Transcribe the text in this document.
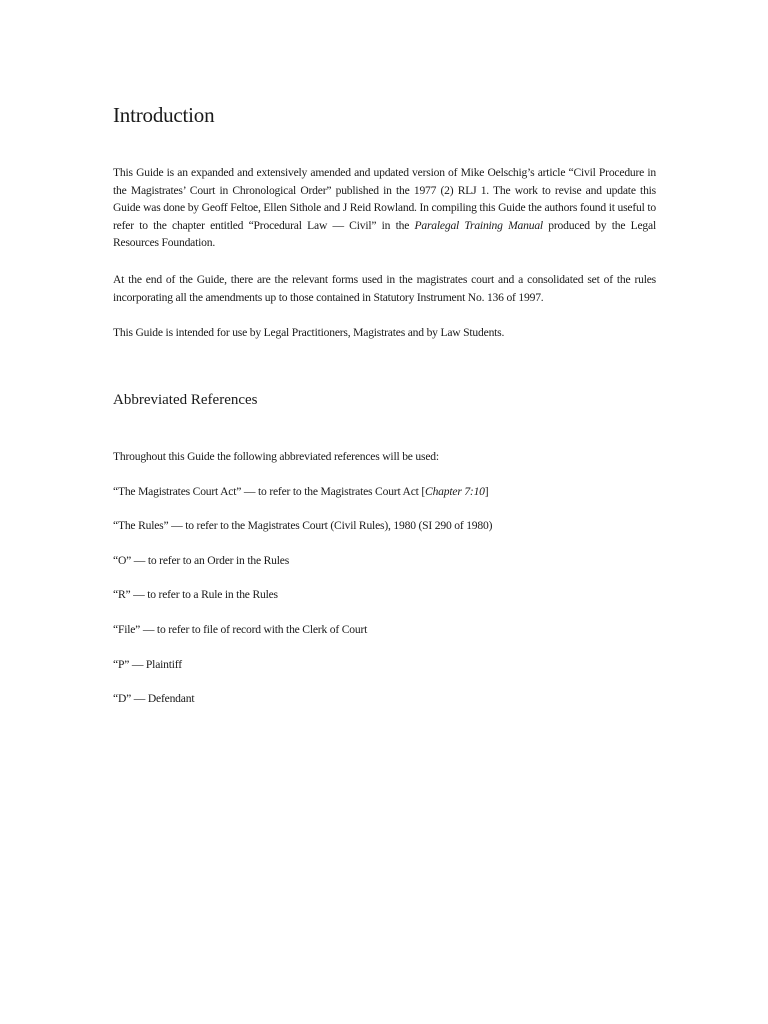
Introduction

This Guide is an expanded and extensively amended and updated version of Mike Oelschig’s article “Civil Procedure in the Magistrates’ Court in Chronological Order” published in the 1977 (2) RLJ 1. The work to revise and update this Guide was done by Geoff Feltoe, Ellen Sithole and J Reid Rowland. In compiling this Guide the authors found it useful to refer to the chapter entitled “Procedural Law — Civil” in the Paralegal Training Manual produced by the Legal Resources Foundation.

At the end of the Guide, there are the relevant forms used in the magistrates court and a consolidated set of the rules incorporating all the amendments up to those contained in Statutory Instrument No. 136 of 1997.

This Guide is intended for use by Legal Practitioners, Magistrates and by Law Students.

Abbreviated References

Throughout this Guide the following abbreviated references will be used:

“The Magistrates Court Act” — to refer to the Magistrates Court Act [Chapter 7:10]

“The Rules” — to refer to the Magistrates Court (Civil Rules), 1980 (SI 290 of 1980)

“O” — to refer to an Order in the Rules

“R” — to refer to a Rule in the Rules

“File” — to refer to file of record with the Clerk of Court

“P” — Plaintiff

“D” — Defendant
